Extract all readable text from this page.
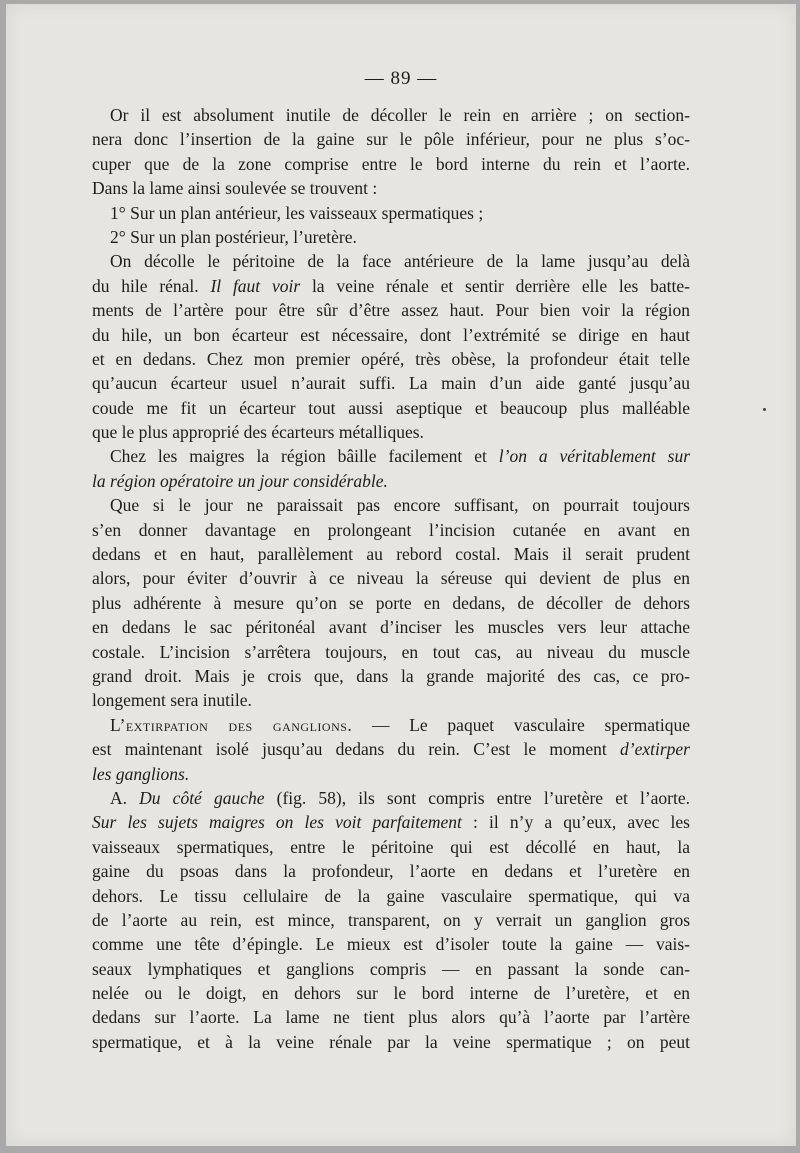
— 89 —
Or il est absolument inutile de décoller le rein en arrière ; on section-
nera donc l’insertion de la gaine sur le pôle inférieur, pour ne plus s’oc-
cuper que de la zone comprise entre le bord interne du rein et l’aorte.
Dans la lame ainsi soulevée se trouvent :
1° Sur un plan antérieur, les vaisseaux spermatiques ;
2° Sur un plan postérieur, l’uretère.
On décolle le péritoine de la face antérieure de la lame jusqu’au delà
du hile rénal. Il faut voir la veine rénale et sentir derrière elle les batte-
ments de l’artère pour être sûr d’être assez haut. Pour bien voir la région
du hile, un bon écarteur est nécessaire, dont l’extrémité se dirige en haut
et en dedans. Chez mon premier opéré, très obèse, la profondeur était telle
qu’aucun écarteur usuel n’aurait suffi. La main d’un aide ganté jusqu’au
coude me fit un écarteur tout aussi aseptique et beaucoup plus malléable
que le plus approprié des écarteurs métalliques.
Chez les maigres la région bâille facilement et l’on a véritablement sur
la région opératoire un jour considérable.
Que si le jour ne paraissait pas encore suffisant, on pourrait toujours
s’en donner davantage en prolongeant l’incision cutanée en avant en
dedans et en haut, parallèlement au rebord costal. Mais il serait prudent
alors, pour éviter d’ouvrir à ce niveau la séreuse qui devient de plus en
plus adhérente à mesure qu’on se porte en dedans, de décoller de dehors
en dedans le sac péritonéal avant d’inciser les muscles vers leur attache
costale. L’incision s’arrêtera toujours, en tout cas, au niveau du muscle
grand droit. Mais je crois que, dans la grande majorité des cas, ce pro-
longement sera inutile.
L’extirpation des ganglions. — Le paquet vasculaire spermatique
est maintenant isolé jusqu’au dedans du rein. C’est le moment d’extirper
les ganglions.
A. Du côté gauche (fig. 58), ils sont compris entre l’uretère et l’aorte.
Sur les sujets maigres on les voit parfaitement : il n’y a qu’eux, avec les
vaisseaux spermatiques, entre le péritoine qui est décollé en haut, la
gaine du psoas dans la profondeur, l’aorte en dedans et l’uretère en
dehors. Le tissu cellulaire de la gaine vasculaire spermatique, qui va
de l’aorte au rein, est mince, transparent, on y verrait un ganglion gros
comme une tête d’épingle. Le mieux est d’isoler toute la gaine — vais-
seaux lymphatiques et ganglions compris — en passant la sonde can-
nelée ou le doigt, en dehors sur le bord interne de l’uretère, et en
dedans sur l’aorte. La lame ne tient plus alors qu’à l’aorte par l’artère
spermatique, et à la veine rénale par la veine spermatique ; on peut
